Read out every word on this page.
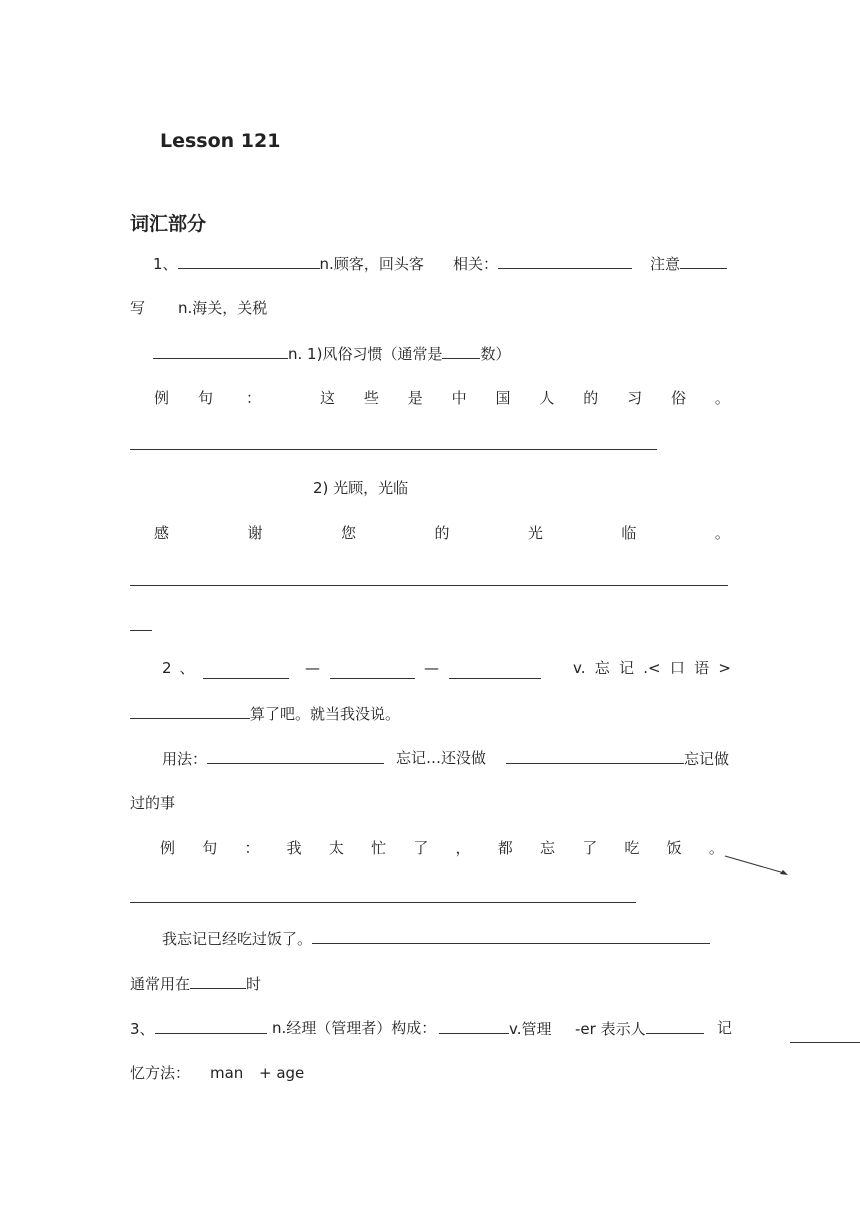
Lesson 121
词汇部分
1、	n.顾客，回头客 相关：	注意
写 n.海关，关税
n. 1)风俗习惯（通常是	数）
例 句 ：	这 些 是 中 国 人 的 习 俗 。
2) 光顾，光临
感	谢	您	的	光	临	。
2、	—	—	v. 忘 记 .< 口 语 >
算了吧。就当我没说。
用法：	忘记…还没做	忘记做
过的事
例 句 ： 我 太 忙 了 ， 都 忘 了 吃 饭 。
我忘记已经吃过饭了。
通常用在	时
3、	n.经理（管理者）构成：	v.管理 -er 表示人	记
忆方法： man + age
